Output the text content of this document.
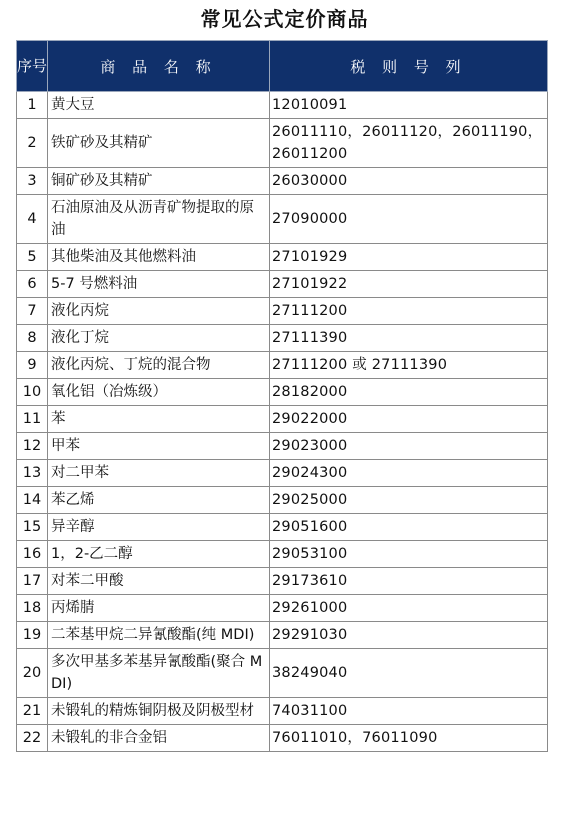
常见公式定价商品
序号	商 品 名 称	税 则 号 列
1	黄大豆	12010091
2	铁矿砂及其精矿	26011110，26011120，26011190，26011200
3	铜矿砂及其精矿	26030000
4	石油原油及从沥青矿物提取的原油	27090000
5	其他柴油及其他燃料油	27101929
6	5-7 号燃料油	27101922
7	液化丙烷	27111200
8	液化丁烷	27111390
9	液化丙烷、丁烷的混合物	27111200 或 27111390
10	氧化铝（冶炼级）	28182000
11	苯	29022000
12	甲苯	29023000
13	对二甲苯	29024300
14	苯乙烯	29025000
15	异辛醇	29051600
16	1，2-乙二醇	29053100
17	对苯二甲酸	29173610
18	丙烯腈	29261000
19	二苯基甲烷二异氰酸酯(纯 MDI)	29291030
20	多次甲基多苯基异氰酸酯(聚合 MDI)	38249040
21	未锻轧的精炼铜阴极及阴极型材	74031100
22	未锻轧的非合金铝	76011010，76011090
